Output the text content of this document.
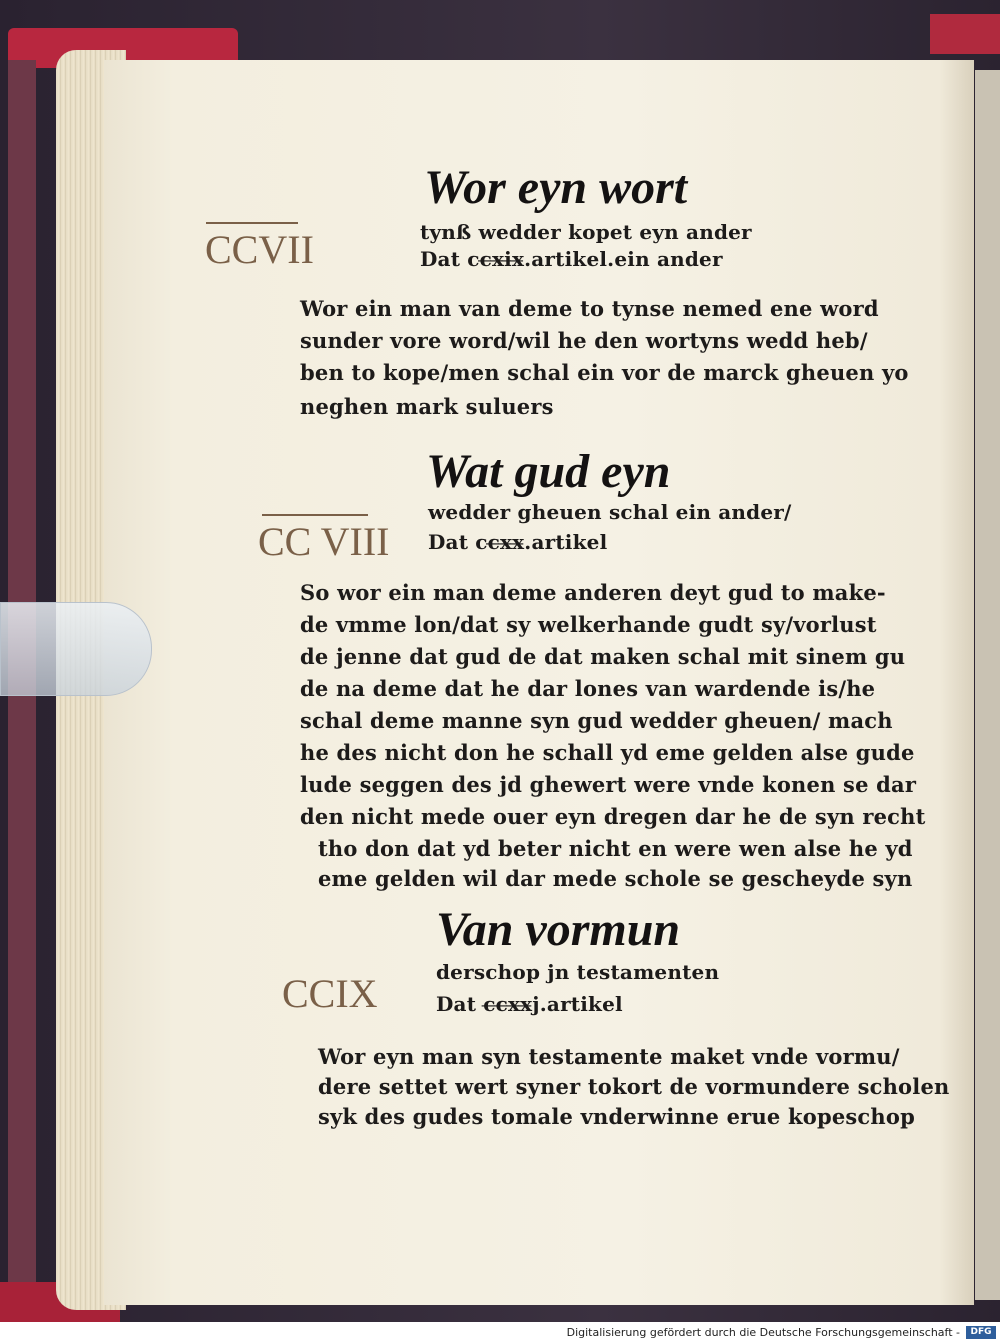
CCVII
Wor eyn wort
tynß wedder kopet eyn ander
Dat cc̶x̶i̶x̶.artikel.ein ander
Wor ein man van deme to tynse nemed ene word
sunder vore word/wil he den wortyns wedd heb/
ben to kope/men schal ein vor de marck gheuen yo
neghen mark suluers
CC VIII
Wat gud eyn
wedder gheuen schal ein ander/
Dat cc̶x̶x̶.artikel
So wor ein man deme anderen deyt gud to make-
de vmme lon/dat sy welkerhande gudt sy/vorlust
de jenne dat gud de dat maken schal mit sinem gu
de na deme dat he dar lones van wardende is/he
schal deme manne syn gud wedder gheuen/ mach
he des nicht don he schall yd eme gelden alse gude
lude seggen des jd ghewert were vnde konen se dar
den nicht mede ouer eyn dregen dar he de syn recht
tho don dat yd beter nicht en were wen alse he yd
eme gelden wil dar mede schole se gescheyde syn
CCIX
Van vormun
derschop jn testamenten
Dat c̶c̶x̶x̶j.artikel
Wor eyn man syn testamente maket vnde vormu/
dere settet wert syner tokort de vormundere scholen
syk des gudes tomale vnderwinne erue kopeschop
Digitalisierung gefördert durch die Deutsche Forschungsgemeinschaft -	DFG
